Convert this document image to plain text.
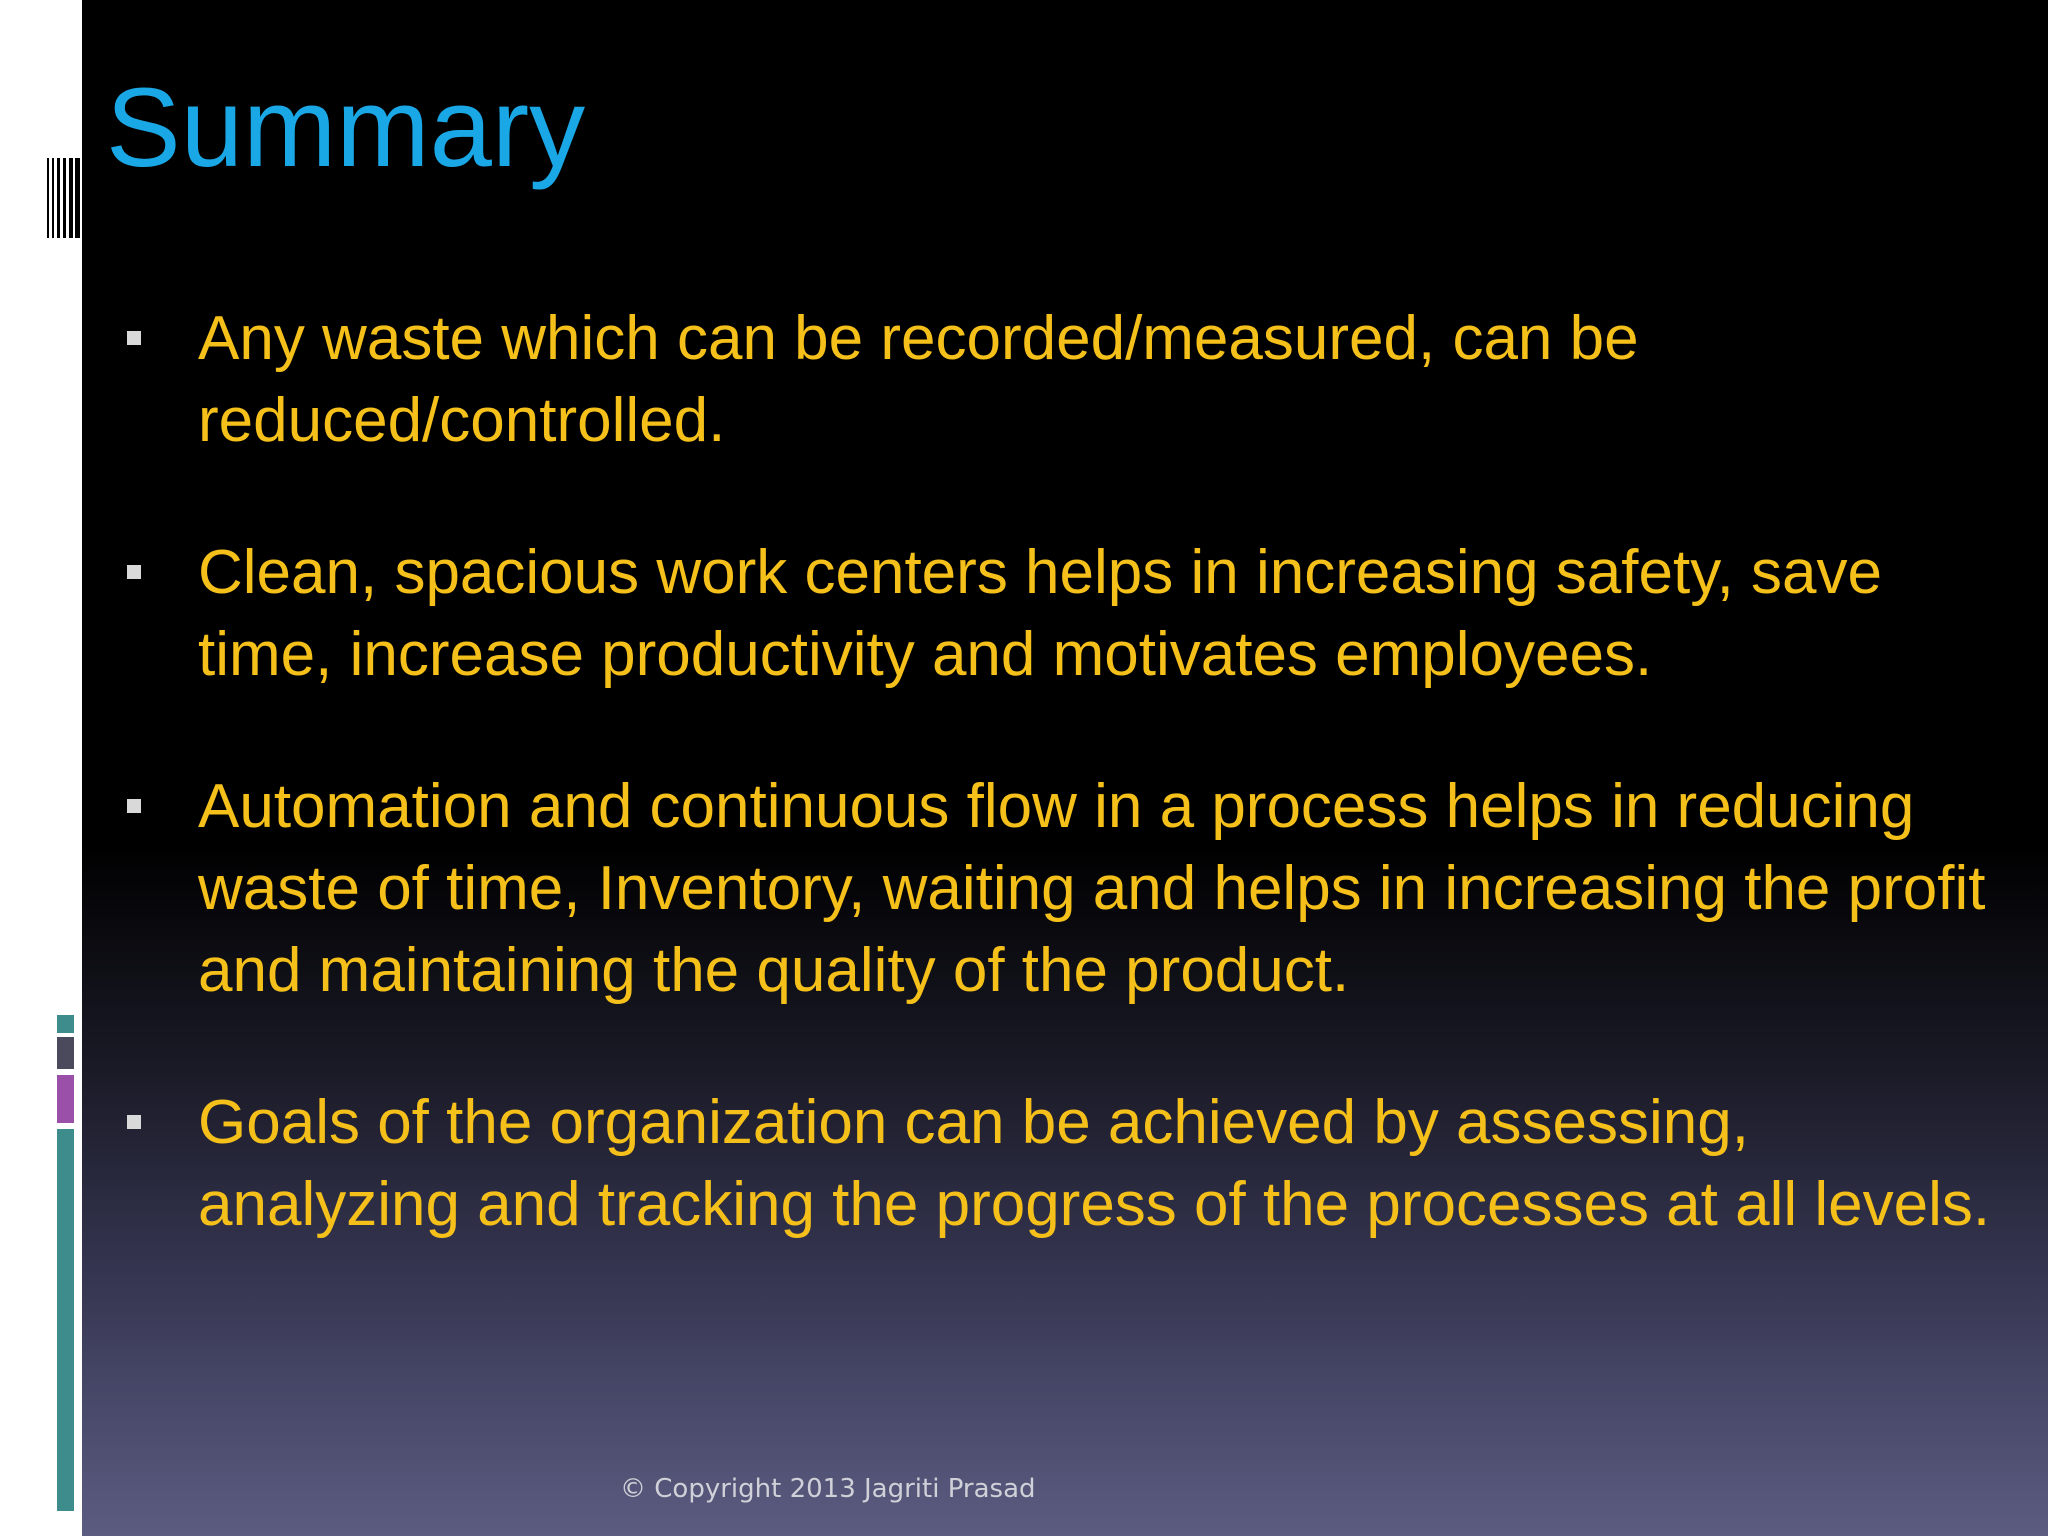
Summary
Any waste which can be recorded/measured, can be reduced/controlled.
Clean, spacious work centers helps in increasing safety, save time, increase productivity and motivates employees.
Automation and continuous flow in a process helps in reducing waste of time, Inventory, waiting and helps in increasing the profit and maintaining the quality of the product.
Goals of the organization can be achieved by assessing, analyzing and tracking the progress of the processes at all levels.
© Copyright 2013 Jagriti Prasad
